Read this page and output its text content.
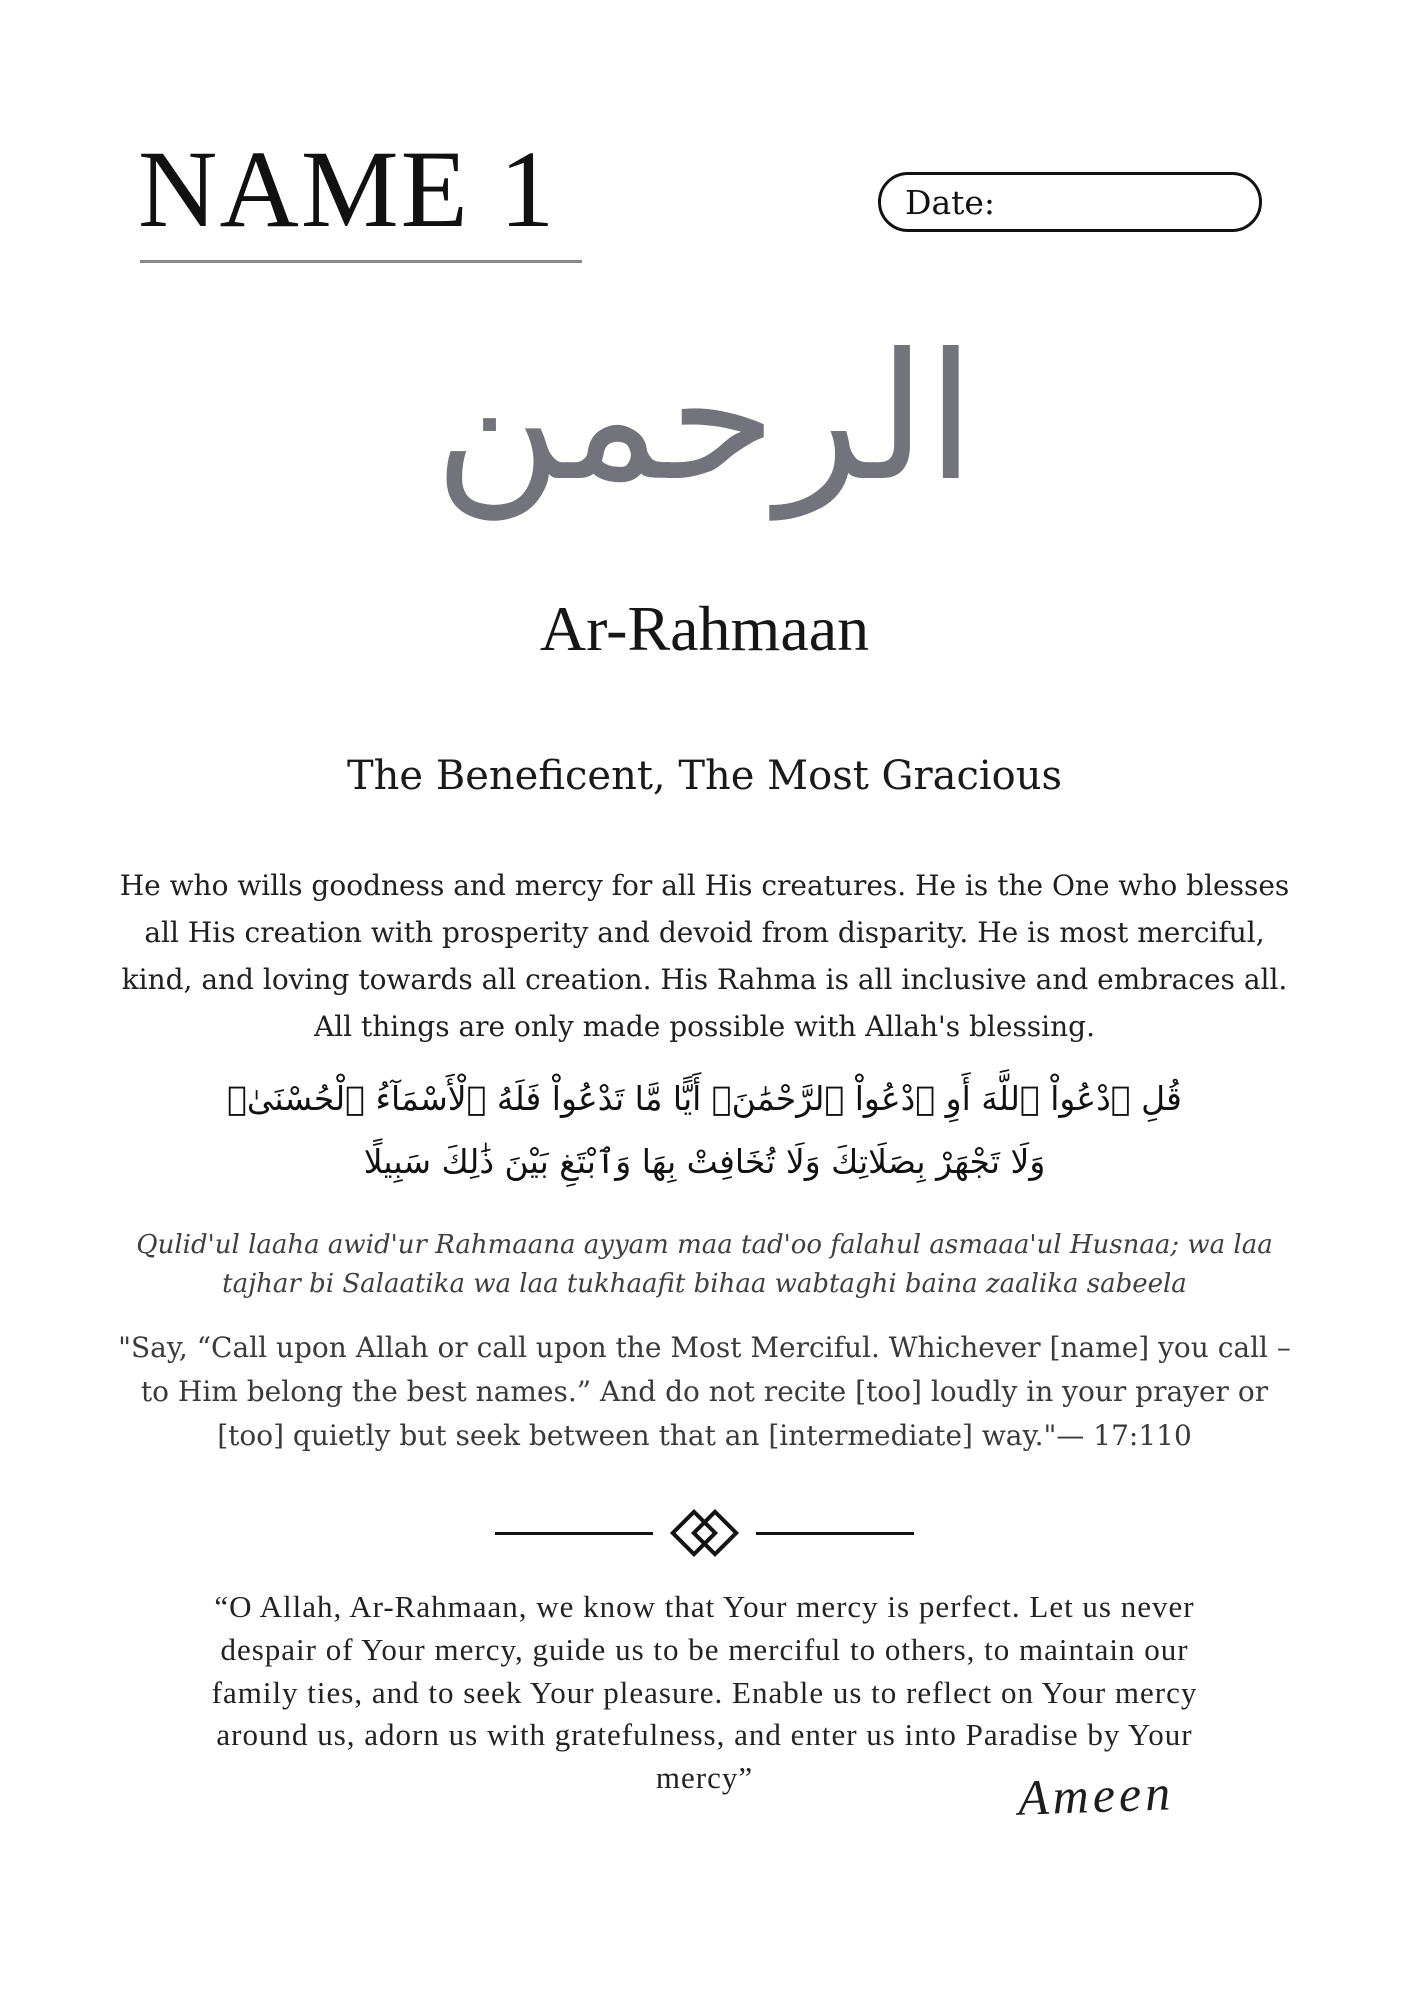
NAME 1	Date:
الرحمن
Ar-Rahmaan
The Beneficent, The Most Gracious
He who wills goodness and mercy for all His creatures. He is the One who blesses all His creation with prosperity and devoid from disparity. He is most merciful, kind, and loving towards all creation. His Rahma is all inclusive and embraces all. All things are only made possible with Allah's blessing.
قُلِ ٱدْعُواْ ٱللَّهَ أَوِ ٱدْعُواْ ٱلرَّحْمَٰنَۖ أَيًّا مَّا تَدْعُواْ فَلَهُ ٱلْأَسْمَآءُ ٱلْحُسْنَىٰۚ
وَلَا تَجْهَرْ بِصَلَاتِكَ وَلَا تُخَافِتْ بِهَا وَٱبْتَغِ بَيْنَ ذَٰلِكَ سَبِيلًا
Qulid'ul laaha awid'ur Rahmaana ayyam maa tad'oo falahul asmaaa'ul Husnaa; wa laa tajhar bi Salaatika wa laa tukhaafit bihaa wabtaghi baina zaalika sabeela
"Say, “Call upon Allah or call upon the Most Merciful. Whichever [name] you call – to Him belong the best names.” And do not recite [too] loudly in your prayer or [too] quietly but seek between that an [intermediate] way."— 17:110
“O Allah, Ar-Rahmaan, we know that Your mercy is perfect. Let us never despair of Your mercy, guide us to be merciful to others, to maintain our family ties, and to seek Your pleasure. Enable us to reflect on Your mercy around us, adorn us with gratefulness, and enter us into Paradise by Your mercy”	Ameen
